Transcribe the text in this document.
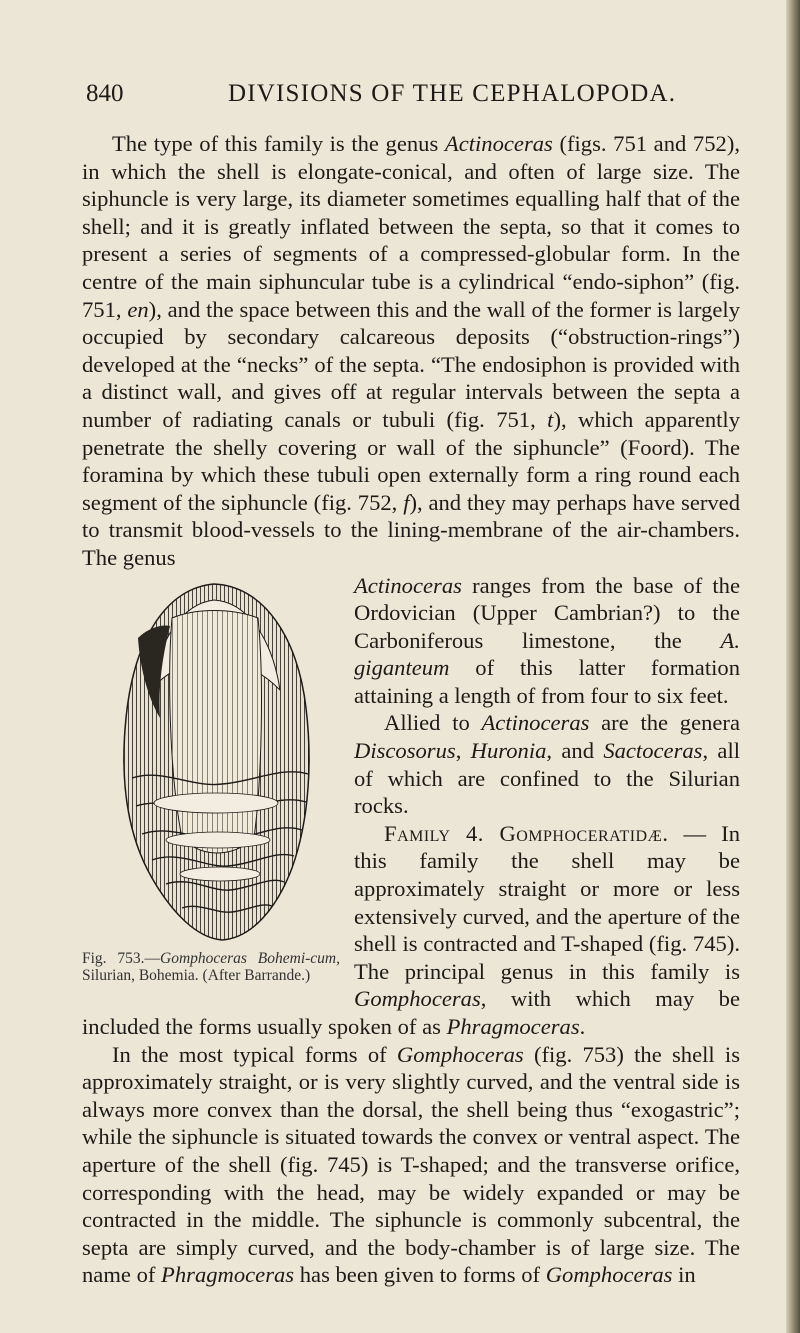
840	DIVISIONS OF THE CEPHALOPODA.

The type of this family is the genus Actinoceras (figs. 751 and 752), in which the shell is elongate-conical, and often of large size. The siphuncle is very large, its diameter sometimes equalling half that of the shell; and it is greatly inflated between the septa, so that it comes to present a series of segments of a compressed-globular form. In the centre of the main siphuncular tube is a cylindrical “endo-siphon” (fig. 751, en), and the space between this and the wall of the former is largely occupied by secondary calcareous deposits (“obstruction-rings”) developed at the “necks” of the septa. “The endosiphon is provided with a distinct wall, and gives off at regular intervals between the septa a number of radiating canals or tubuli (fig. 751, t), which apparently penetrate the shelly covering or wall of the siphuncle” (Foord). The foramina by which these tubuli open externally form a ring round each segment of the siphuncle (fig. 752, f), and they may perhaps have served to transmit blood-vessels to the lining-membrane of the air-chambers. The genus

Fig. 753.—Gomphoceras Bohemi-cum, Silurian, Bohemia. (After Barrande.)

Actinoceras ranges from the base of the Ordovician (Upper Cambrian?) to the Carboniferous limestone, the A. giganteum of this latter formation attaining a length of from four to six feet.

Allied to Actinoceras are the genera Discosorus, Huronia, and Sactoceras, all of which are confined to the Silurian rocks.

Family 4. Gomphoceratidæ. — In this family the shell may be approximately straight or more or less extensively curved, and the aperture of the shell is contracted and T-shaped (fig. 745). The principal genus in this family is Gomphoceras, with which may be included the forms usually spoken of as Phragmoceras.

In the most typical forms of Gomphoceras (fig. 753) the shell is approximately straight, or is very slightly curved, and the ventral side is always more convex than the dorsal, the shell being thus “exogastric”; while the siphuncle is situated towards the convex or ventral aspect. The aperture of the shell (fig. 745) is T-shaped; and the transverse orifice, corresponding with the head, may be widely expanded or may be contracted in the middle. The siphuncle is commonly subcentral, the septa are simply curved, and the body-chamber is of large size. The name of Phragmoceras has been given to forms of Gomphoceras in
